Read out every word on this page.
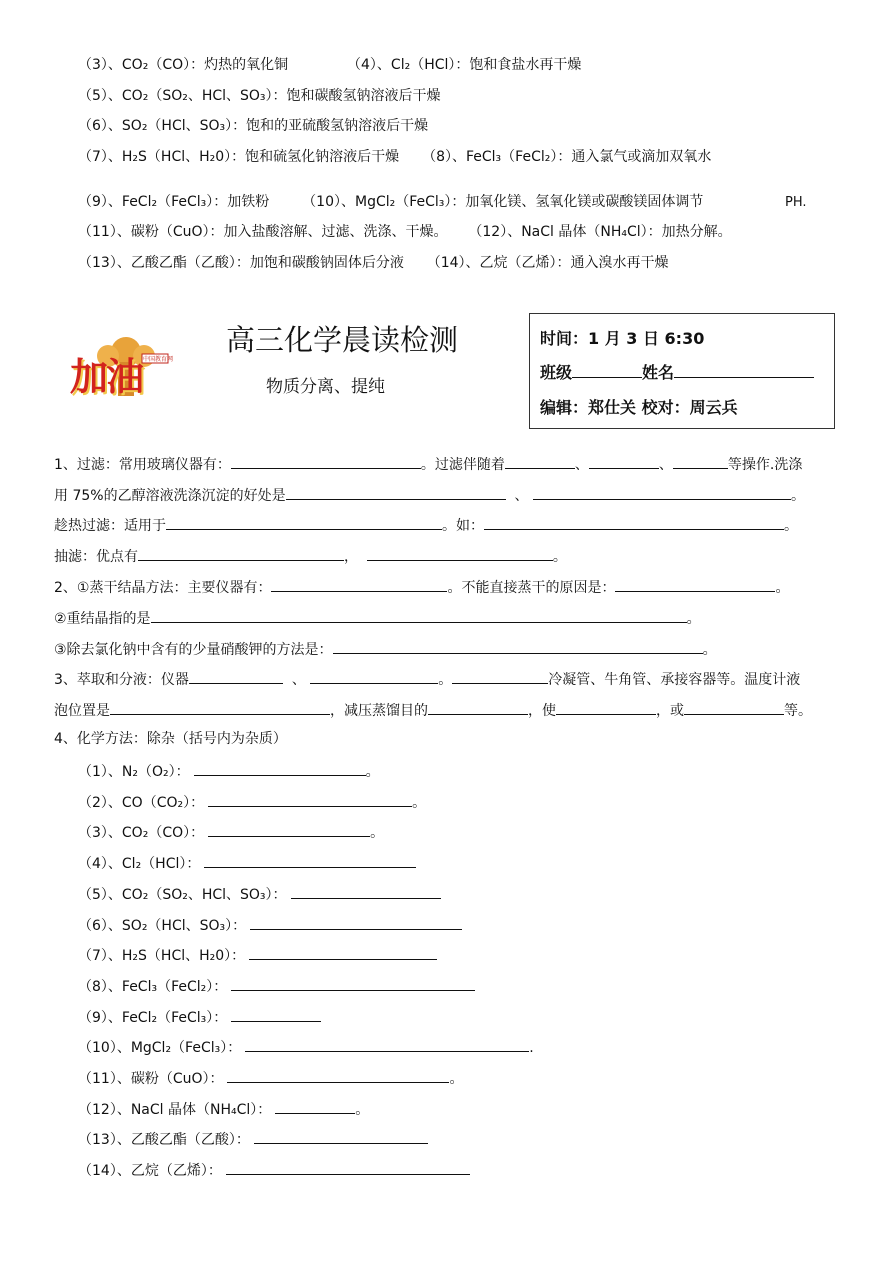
（3）、CO₂（CO）：灼热的氧化铜	（4）、Cl₂（HCl）：饱和食盐水再干燥
（5）、CO₂（SO₂、HCl、SO₃）：饱和碳酸氢钠溶液后干燥
（6）、SO₂（HCl、SO₃）：饱和的亚硫酸氢钠溶液后干燥
（7）、H₂S（HCl、H₂0）：饱和硫氢化钠溶液后干燥 （8）、FeCl₃（FeCl₂）：通入氯气或滴加双氧水
（9）、FeCl₂（FeCl₃）：加铁粉 （10）、MgCl₂（FeCl₃）：加氧化镁、氢氧化镁或碳酸镁固体调节	PH.
（11）、碳粉（CuO）：加入盐酸溶解、过滤、洗涤、干燥。 （12）、NaCl 晶体（NH₄Cl）：加热分解。
（13）、乙酸乙酯（乙酸）：加饱和碳酸钠固体后分液 （14）、乙烷（乙烯）：通入溴水再干燥
加油 中国教育网
高三化学晨读检测
物质分离、提纯
时间：1 月 3 日 6:30
班级	姓名
编辑：郑仕关 校对：周云兵
1、过滤：常用玻璃仪器有：	。过滤伴随着	、	、	等操作.洗涤
用 75%的乙醇溶液洗涤沉淀的好处是	、	。
趁热过滤：适用于	。如：	。
抽滤：优点有	，	。
2、①蒸干结晶方法：主要仪器有：	。不能直接蒸干的原因是：	。
②重结晶指的是	。
③除去氯化钠中含有的少量硝酸钾的方法是：	。
3、萃取和分液：仪器	、	。	冷凝管、牛角管、承接容器等。温度计液
泡位置是	，减压蒸馏目的	，使	，或	等。
4、化学方法：除杂（括号内为杂质）
（1）、N₂（O₂）：	。
（2）、CO（CO₂）：	。
（3）、CO₂（CO）：	。
（4）、Cl₂（HCl）：
（5）、CO₂（SO₂、HCl、SO₃）：
（6）、SO₂（HCl、SO₃）：
（7）、H₂S（HCl、H₂0）：
（8）、FeCl₃（FeCl₂）：
（9）、FeCl₂（FeCl₃）：
（10）、MgCl₂（FeCl₃）：	.
（11）、碳粉（CuO）：	。
（12）、NaCl 晶体（NH₄Cl）：	。
（13）、乙酸乙酯（乙酸）：
（14）、乙烷（乙烯）：
